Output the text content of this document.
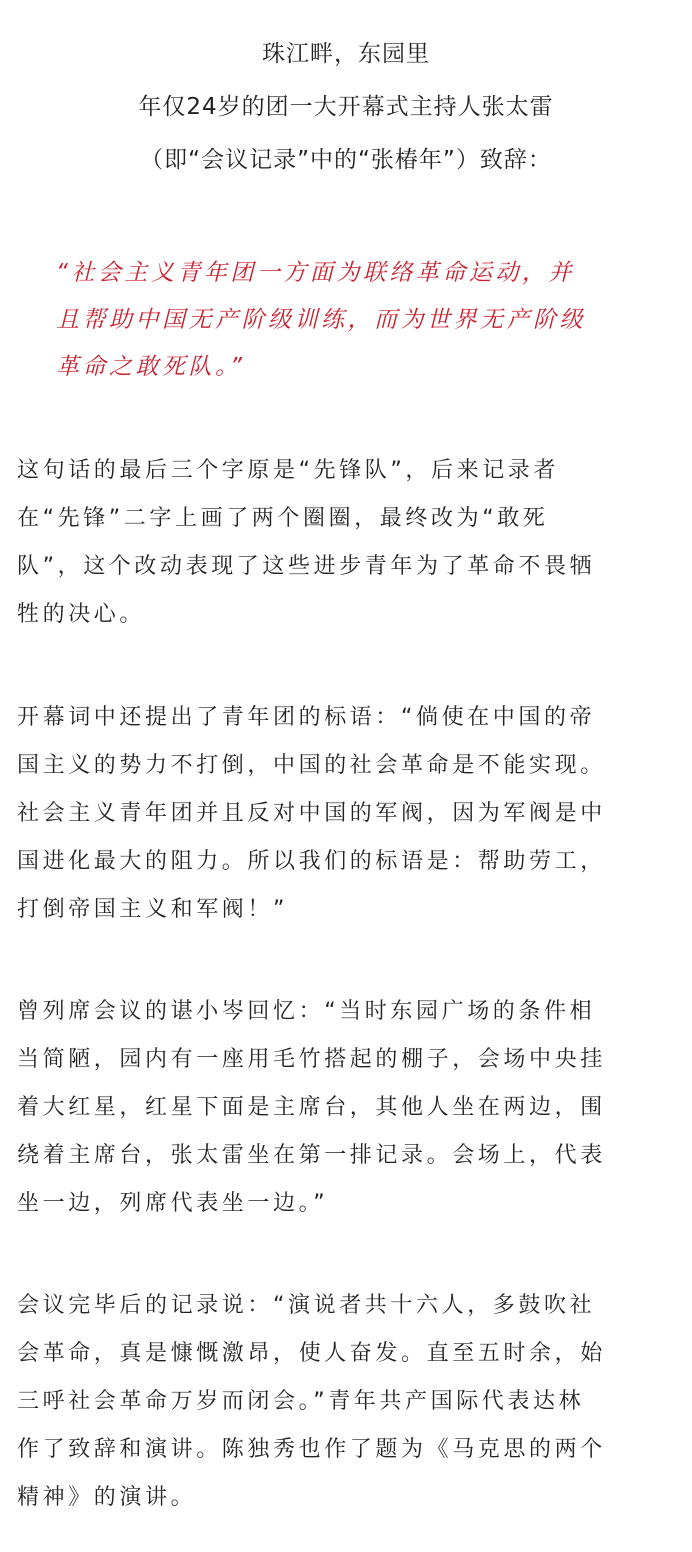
珠江畔，东园里
年仅24岁的团一大开幕式主持人张太雷
（即“会议记录”中的“张椿年”）致辞：
“社会主义青年团一方面为联络革命运动，并
且帮助中国无产阶级训练，而为世界无产阶级
革命之敢死队。”
这句话的最后三个字原是“先锋队”，后来记录者
在“先锋”二字上画了两个圈圈，最终改为“敢死
队”，这个改动表现了这些进步青年为了革命不畏牺
牲的决心。
开幕词中还提出了青年团的标语：“倘使在中国的帝
国主义的势力不打倒，中国的社会革命是不能实现。
社会主义青年团并且反对中国的军阀，因为军阀是中
国进化最大的阻力。所以我们的标语是：帮助劳工，
打倒帝国主义和军阀！”
曾列席会议的谌小岑回忆：“当时东园广场的条件相
当简陋，园内有一座用毛竹搭起的棚子，会场中央挂
着大红星，红星下面是主席台，其他人坐在两边，围
绕着主席台，张太雷坐在第一排记录。会场上，代表
坐一边，列席代表坐一边。”
会议完毕后的记录说：“演说者共十六人，多鼓吹社
会革命，真是慷慨激昂，使人奋发。直至五时余，始
三呼社会革命万岁而闭会。”青年共产国际代表达林
作了致辞和演讲。陈独秀也作了题为《马克思的两个
精神》的演讲。
